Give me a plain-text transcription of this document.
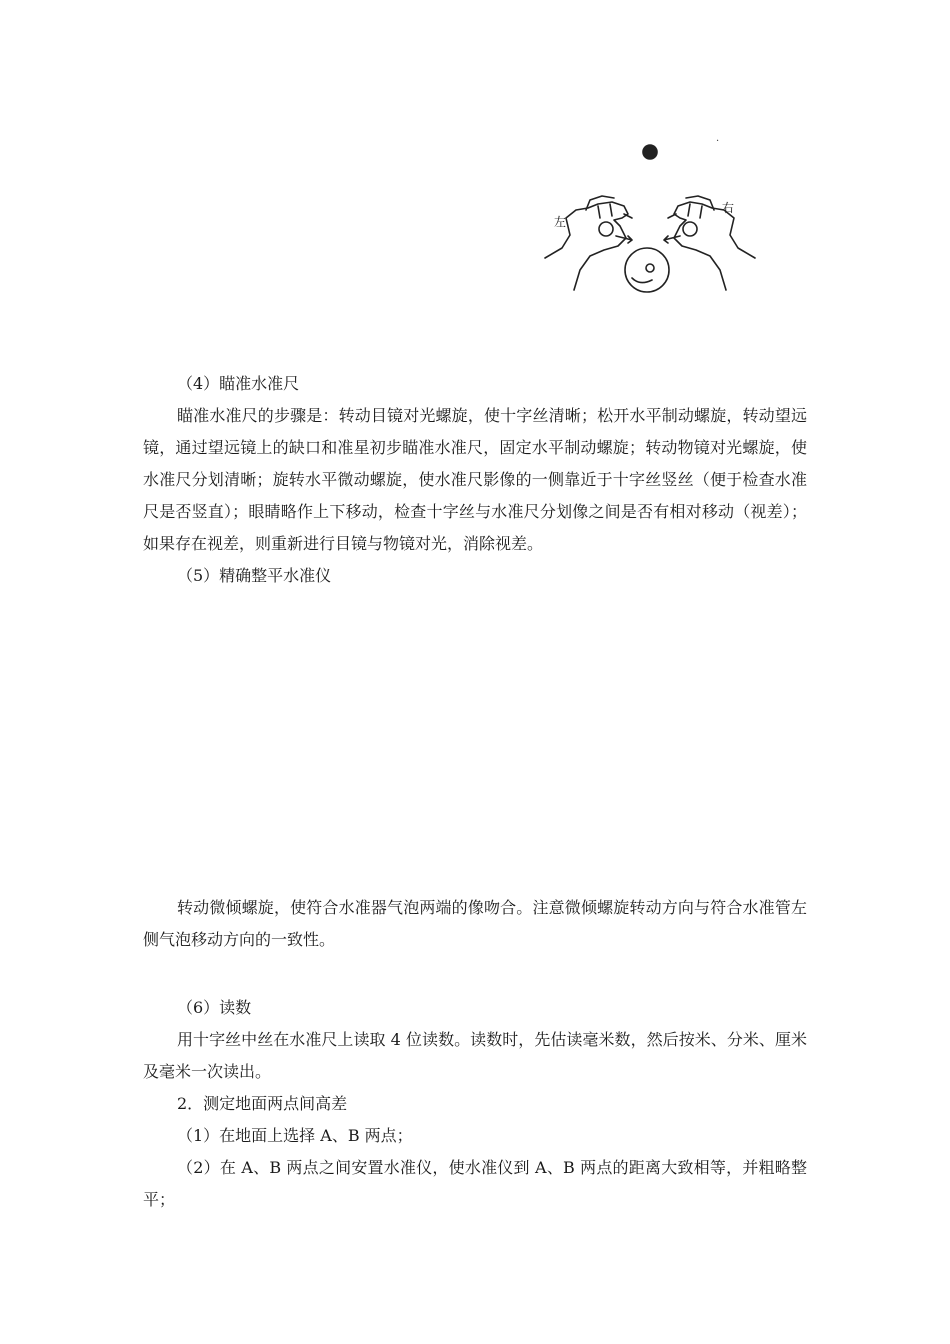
左
右
·

（4）瞄准水准尺

瞄准水准尺的步骤是：转动目镜对光螺旋，使十字丝清晰；松开水平制动螺旋，转动望远镜，通过望远镜上的缺口和准星初步瞄准水准尺，固定水平制动螺旋；转动物镜对光螺旋，使水准尺分划清晰；旋转水平微动螺旋，使水准尺影像的一侧靠近于十字丝竖丝（便于检查水准尺是否竖直）；眼睛略作上下移动，检查十字丝与水准尺分划像之间是否有相对移动（视差）；如果存在视差，则重新进行目镜与物镜对光，消除视差。

（5）精确整平水准仪

转动微倾螺旋，使符合水准器气泡两端的像吻合。注意微倾螺旋转动方向与符合水准管左侧气泡移动方向的一致性。

（6）读数

用十字丝中丝在水准尺上读取 4 位读数。读数时，先估读毫米数，然后按米、分米、厘米及毫米一次读出。

2．测定地面两点间高差

（1）在地面上选择 A、B 两点；

（2）在 A、B 两点之间安置水准仪，使水准仪到 A、B 两点的距离大致相等，并粗略整平；
